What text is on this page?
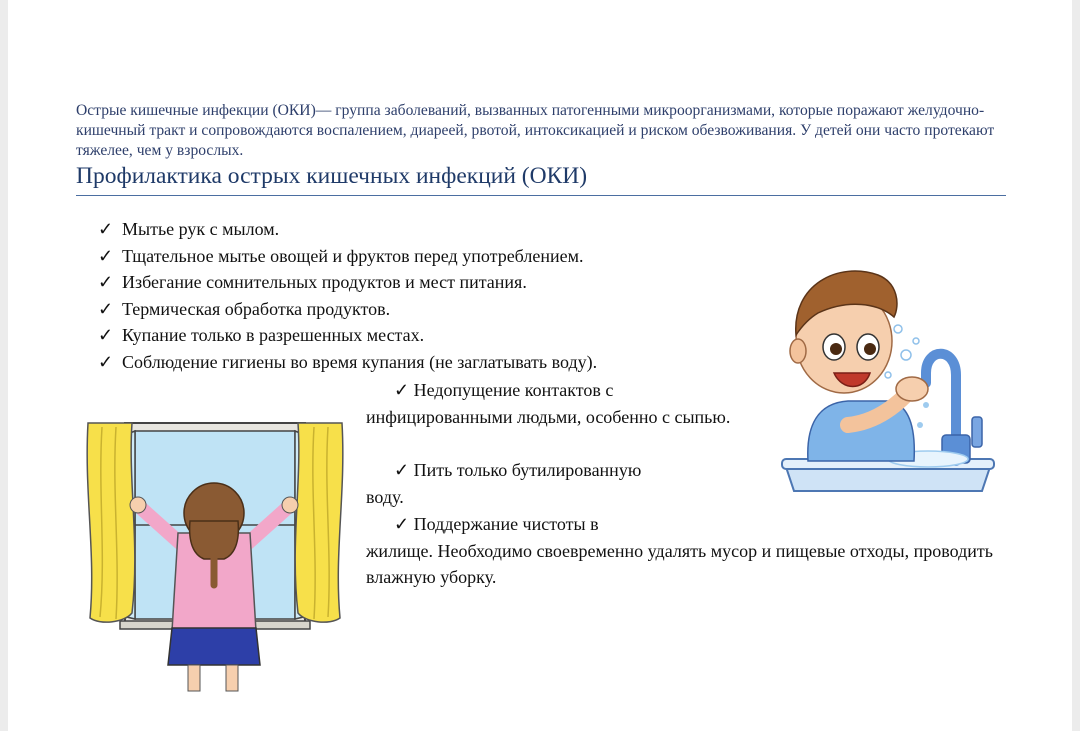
Острые кишечные инфекции (ОКИ)— группа заболеваний, вызванных патогенными микроорганизмами, которые поражают желудочно-кишечный тракт и сопровождаются воспалением, диареей, рвотой, интоксикацией и риском обезвоживания. У детей они часто протекают тяжелее, чем у взрослых.

Профилактика острых кишечных инфекций (ОКИ)
✓ Мытье рук с мылом.
✓ Тщательное мытье овощей и фруктов перед употреблением.
✓ Избегание сомнительных продуктов и мест питания.
✓ Термическая обработка продуктов.
✓ Купание только в разрешенных местах.
✓ Соблюдение гигиены во время купания (не заглатывать воду).

✓ Недопущение контактов с
инфицированными людьми, особенно с сыпью.

✓ Пить только бутилированную
воду.

✓ Поддержание чистоты в
жилище. Необходимо своевременно удалять мусор и пищевые отходы, проводить влажную уборку.
